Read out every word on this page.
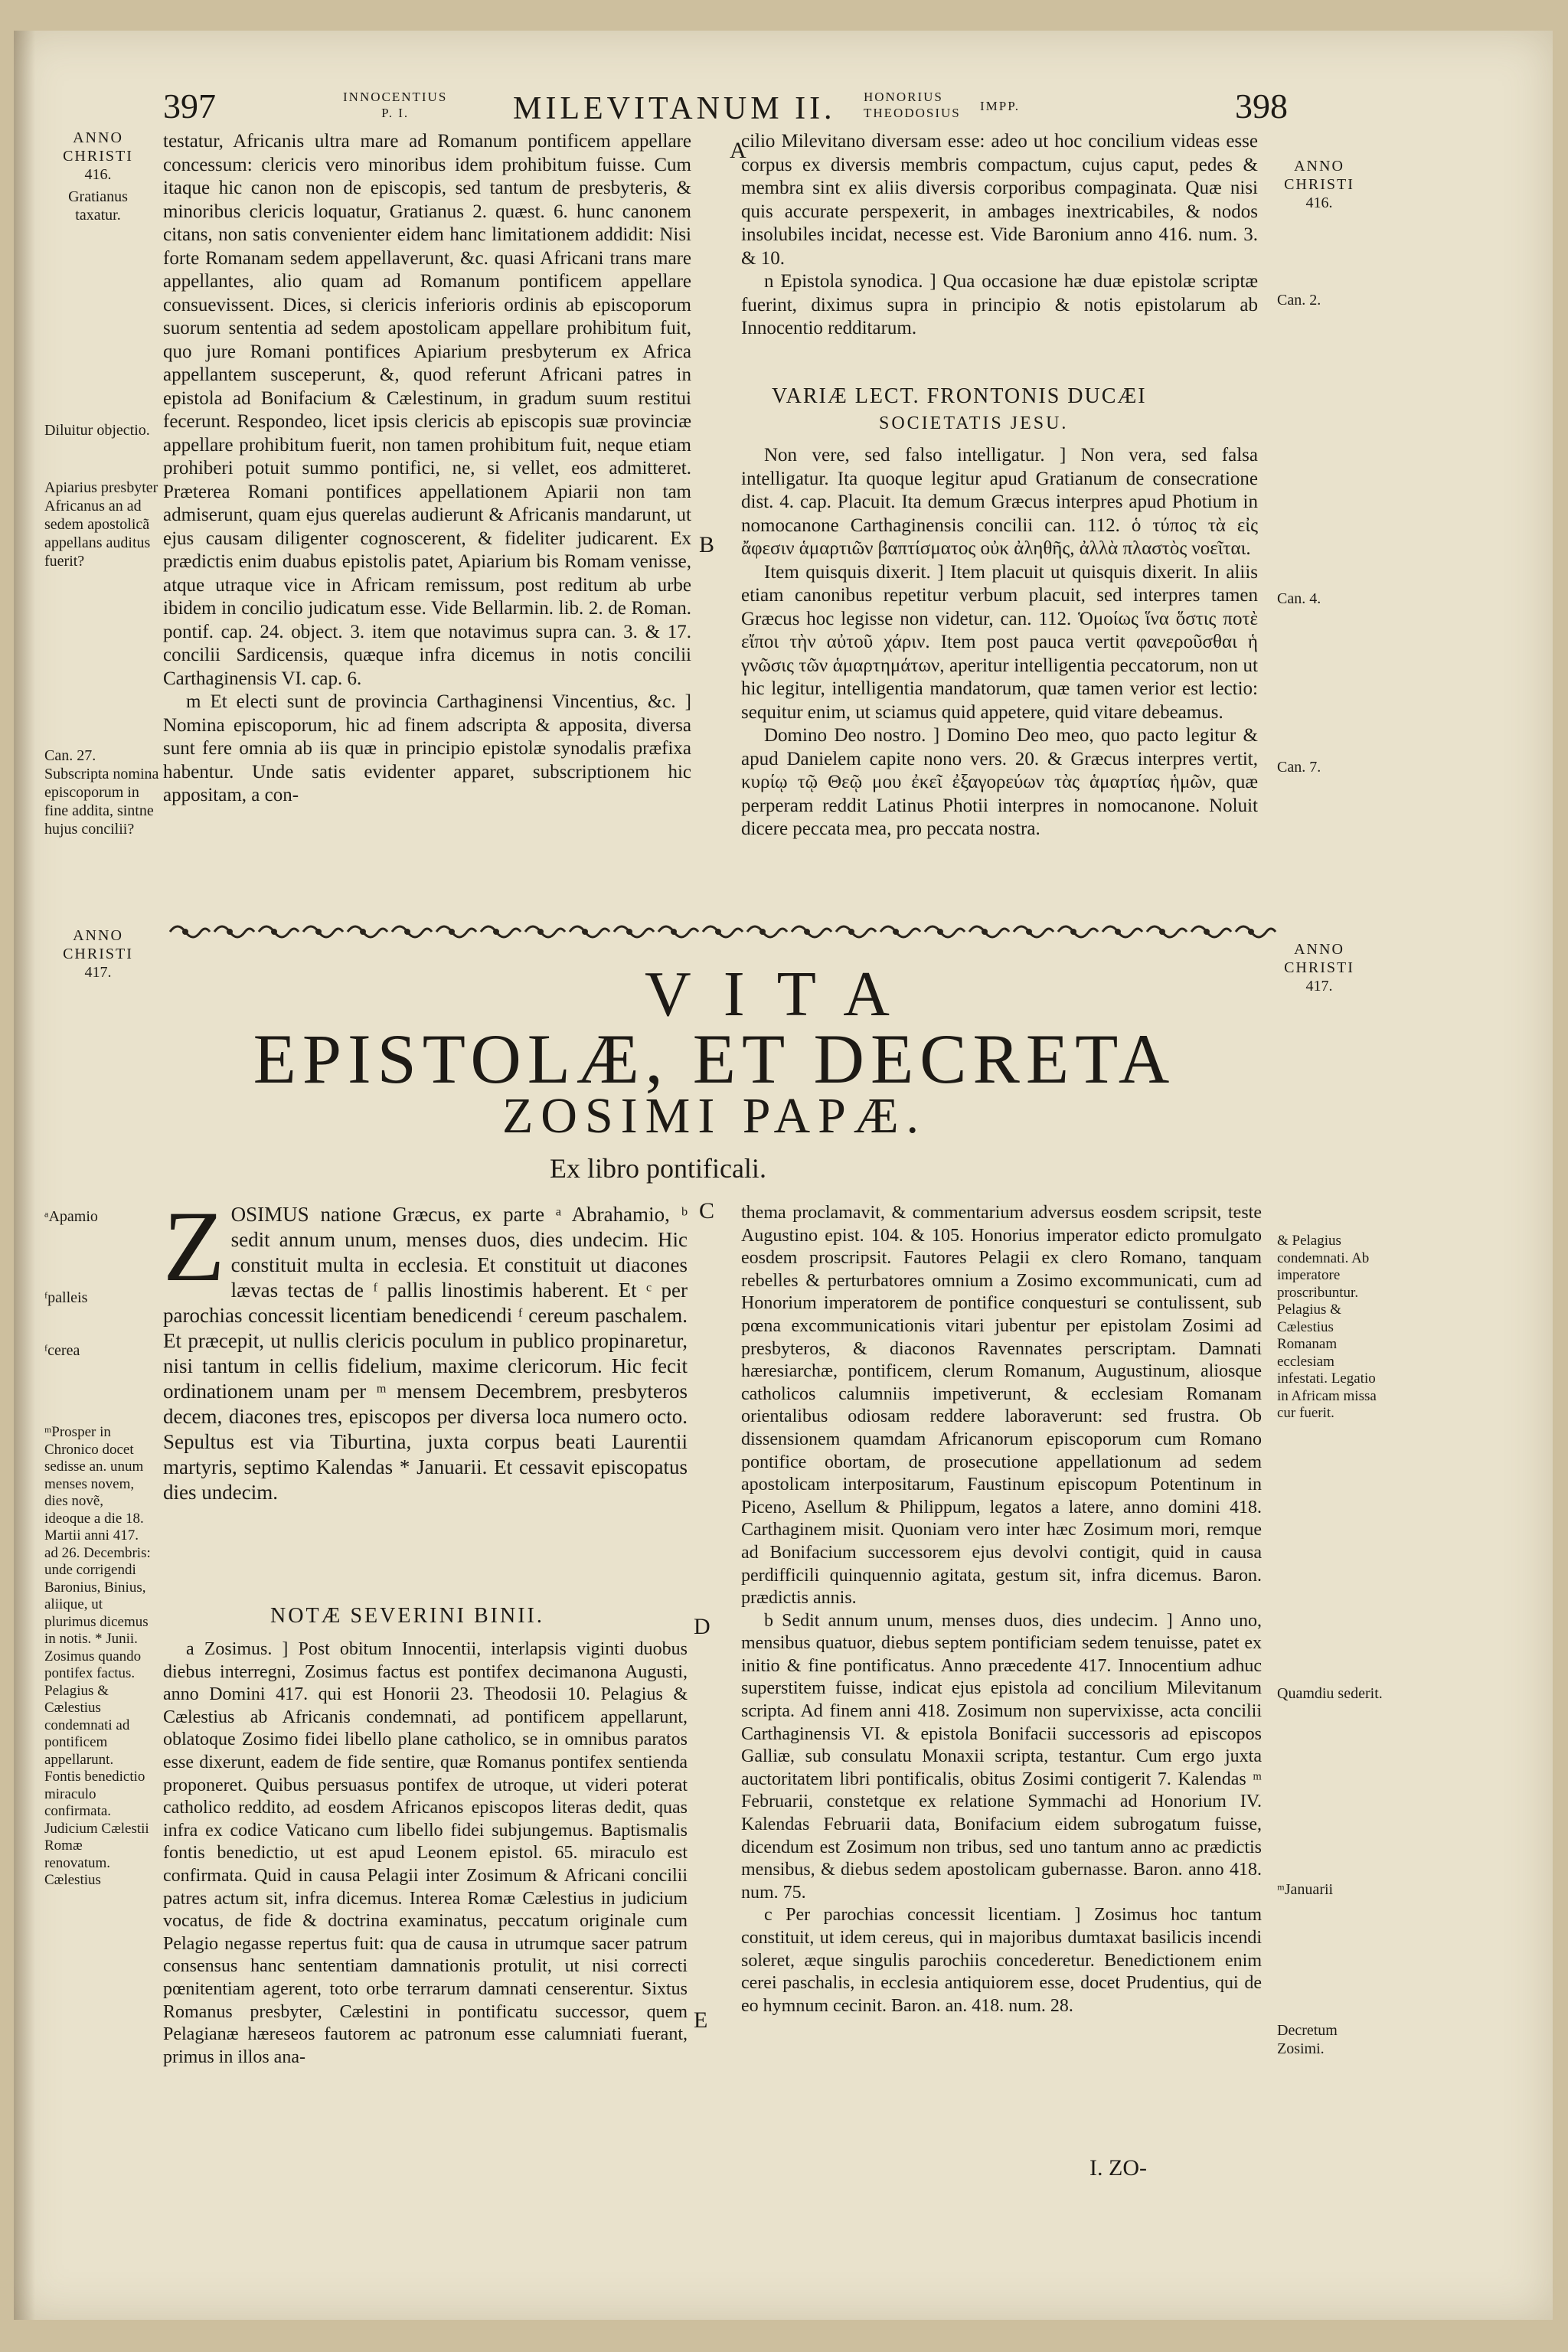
397	INNOCENTIUS
P. I.	MILEVITANUM II. HONORIUS
THEODOSIUS IMPP.	398
ANNO
CHRISTI
416.
Gratianus taxatur.
Diluitur objectio.
Apiarius presbyter Africanus an ad sedem apostolicã appellans auditus fuerit?
Can. 27. Subscripta nomina episcoporum in fine addita, sintne hujus concilii?
ANNO
CHRISTI
416.
Can. 2.
Can. 4.
Can. 7.
A
B
C
D
E

testatur, Africanis ultra mare ad Romanum pontificem appellare concessum: clericis vero minoribus idem prohibitum fuisse. Cum itaque hic canon non de episcopis, sed tantum de presbyteris, & minoribus clericis loquatur, Gratianus 2. quæst. 6. hunc canonem citans, non satis convenienter eidem hanc limitationem addidit: Nisi forte Romanam sedem appellaverunt, &c. quasi Africani trans mare appellantes, alio quam ad Romanum pontificem appellare consuevissent. Dices, si clericis inferioris ordinis ab episcoporum suorum sententia ad sedem apostolicam appellare prohibitum fuit, quo jure Romani pontifices Apiarium presbyterum ex Africa appellantem susceperunt, &, quod referunt Africani patres in epistola ad Bonifacium & Cælestinum, in gradum suum restitui fecerunt. Respondeo, licet ipsis clericis ab episcopis suæ provinciæ appellare prohibitum fuerit, non tamen prohibitum fuit, neque etiam prohiberi potuit summo pontifici, ne, si vellet, eos admitteret. Præterea Romani pontifices appellationem Apiarii non tam admiserunt, quam ejus querelas audierunt & Africanis mandarunt, ut ejus causam diligenter cognoscerent, & fideliter judicarent. Ex prædictis enim duabus epistolis patet, Apiarium bis Romam venisse, atque utraque vice in Africam remissum, post reditum ab urbe ibidem in concilio judicatum esse. Vide Bellarmin. lib. 2. de Roman. pontif. cap. 24. object. 3. item que notavimus supra can. 3. & 17. concilii Sardicensis, quæque infra dicemus in notis concilii Carthaginensis VI. cap. 6.

m Et electi sunt de provincia Carthaginensi Vincentius, &c. ] Nomina episcoporum, hic ad finem adscripta & apposita, diversa sunt fere omnia ab iis quæ in principio epistolæ synodalis præfixa habentur. Unde satis evidenter apparet, subscriptionem hic appositam, a con-

cilio Milevitano diversam esse: adeo ut hoc concilium videas esse corpus ex diversis membris compactum, cujus caput, pedes & membra sint ex aliis diversis corporibus compaginata. Quæ nisi quis accurate perspexerit, in ambages inextricabiles, & nodos insolubiles incidat, necesse est. Vide Baronium anno 416. num. 3. & 10.

n Epistola synodica. ] Qua occasione hæ duæ epistolæ scriptæ fuerint, diximus supra in principio & notis epistolarum ab Innocentio redditarum.

VARIÆ LECT. FRONTONIS DUCÆI
SOCIETATIS JESU.

Non vere, sed falso intelligatur. ] Non vera, sed falsa intelligatur. Ita quoque legitur apud Gratianum de consecratione dist. 4. cap. Placuit. Ita demum Græcus interpres apud Photium in nomocanone Carthaginensis concilii can. 112. ὁ τύπος τὰ εἰς ἄφεσιν ἁμαρτιῶν βαπτίσματος οὐκ ἀληθῆς, ἀλλὰ πλαστὸς νοεῖται.

Item quisquis dixerit. ] Item placuit ut quisquis dixerit. In aliis etiam canonibus repetitur verbum placuit, sed interpres tamen Græcus hoc legisse non videtur, can. 112. Ὁμοίως ἵνα ὅστις ποτὲ εἴποι τὴν αὐτοῦ χάριν. Item post pauca vertit φανεροῦσθαι ἡ γνῶσις τῶν ἁμαρτημάτων, aperitur intelligentia peccatorum, non ut hic legitur, intelligentia mandatorum, quæ tamen verior est lectio: sequitur enim, ut sciamus quid appetere, quid vitare debeamus.

Domino Deo nostro. ] Domino Deo meo, quo pacto legitur & apud Danielem capite nono vers. 20. & Græcus interpres vertit, κυρίῳ τῷ Θεῷ μου ἐκεῖ ἐξαγορεύων τὰς ἁμαρτίας ἡμῶν, quæ perperam reddit Latinus Photii interpres in nomocanone. Noluit dicere peccata mea, pro peccata nostra.

ANNO
CHRISTI
417.
ANNO
CHRISTI
417.
VITA
EPISTOLÆ, ET DECRETA
ZOSIMI PAPÆ.
Ex libro pontificali.
ᵃApamio
ᶠpalleis
ᶠcerea
ᵐProsper in Chronico docet sedisse an. unum menses novem, dies novẽ, ideoque a die 18. Martii anni 417. ad 26. Decembris: unde corrigendi Baronius, Binius, aliique, ut plurimus dicemus in notis. * Junii. Zosimus quando pontifex factus. Pelagius & Cælestius condemnati ad pontificem appellarunt. Fontis benedictio miraculo confirmata. Judicium Cælestii Romæ renovatum. Cælestius
Z OSIMUS natione Græcus, ex parte ᵃ Abrahamio, ᵇ sedit annum unum, menses duos, dies undecim. Hic constituit multa in ecclesia. Et constituit ut diacones lævas tectas de ᶠ pallis linostimis haberent. Et ᶜ per parochias concessit licentiam benedicendi ᶠ cereum paschalem. Et præcepit, ut nullis clericis poculum in publico propinaretur, nisi tantum in cellis fidelium, maxime clericorum. Hic fecit ordinationem unam per ᵐ mensem Decembrem, presbyteros decem, diacones tres, episcopos per diversa loca numero octo. Sepultus est via Tiburtina, juxta corpus beati Laurentii martyris, septimo Kalendas * Januarii. Et cessavit episcopatus dies undecim.

NOTÆ SEVERINI BINII.

a Zosimus. ] Post obitum Innocentii, interlapsis viginti duobus diebus interregni, Zosimus factus est pontifex decimanona Augusti, anno Domini 417. qui est Honorii 23. Theodosii 10. Pelagius & Cælestius ab Africanis condemnati, ad pontificem appellarunt, oblatoque Zosimo fidei libello plane catholico, se in omnibus paratos esse dixerunt, eadem de fide sentire, quæ Romanus pontifex sentienda proponeret. Quibus persuasus pontifex de utroque, ut videri poterat catholico reddito, ad eosdem Africanos episcopos literas dedit, quas infra ex codice Vaticano cum libello fidei subjungemus. Baptismalis fontis benedictio, ut est apud Leonem epistol. 65. miraculo est confirmata. Quid in causa Pelagii inter Zosimum & Africani concilii patres actum sit, infra dicemus. Interea Romæ Cælestius in judicium vocatus, de fide & doctrina examinatus, peccatum originale cum Pelagio negasse repertus fuit: qua de causa in utrumque sacer patrum consensus hanc sententiam damnationis protulit, ut nisi correcti pœnitentiam agerent, toto orbe terrarum damnati censerentur. Sixtus Romanus presbyter, Cælestini in pontificatu successor, quem Pelagianæ hæreseos fautorem ac patronum esse calumniati fuerant, primus in illos ana-

thema proclamavit, & commentarium adversus eosdem scripsit, teste Augustino epist. 104. & 105. Honorius imperator edicto promulgato eosdem proscripsit. Fautores Pelagii ex clero Romano, tanquam rebelles & perturbatores omnium a Zosimo excommunicati, cum ad Honorium imperatorem de pontifice conquesturi se contulissent, sub pœna excommunicationis vitari jubentur per epistolam Zosimi ad presbyteros, & diaconos Ravennates perscriptam. Damnati hæresiarchæ, pontificem, clerum Romanum, Augustinum, aliosque catholicos calumniis impetiverunt, & ecclesiam Romanam orientalibus odiosam reddere laboraverunt: sed frustra. Ob dissensionem quamdam Africanorum episcoporum cum Romano pontifice obortam, de prosecutione appellationum ad sedem apostolicam interpositarum, Faustinum episcopum Potentinum in Piceno, Asellum & Philippum, legatos a latere, anno domini 418. Carthaginem misit. Quoniam vero inter hæc Zosimum mori, remque ad Bonifacium successorem ejus devolvi contigit, quid in causa perdifficili quinquennio agitata, gestum sit, infra dicemus. Baron. prædictis annis.

b Sedit annum unum, menses duos, dies undecim. ] Anno uno, mensibus quatuor, diebus septem pontificiam sedem tenuisse, patet ex initio & fine pontificatus. Anno præcedente 417. Innocentium adhuc superstitem fuisse, indicat ejus epistola ad concilium Milevitanum scripta. Ad finem anni 418. Zosimum non supervixisse, acta concilii Carthaginensis VI. & epistola Bonifacii successoris ad episcopos Galliæ, sub consulatu Monaxii scripta, testantur. Cum ergo juxta auctoritatem libri pontificalis, obitus Zosimi contigerit 7. Kalendas ᵐ Februarii, constetque ex relatione Symmachi ad Honorium IV. Kalendas Februarii data, Bonifacium eidem subrogatum fuisse, dicendum est Zosimum non tribus, sed uno tantum anno ac prædictis mensibus, & diebus sedem apostolicam gubernasse. Baron. anno 418. num. 75.

c Per parochias concessit licentiam. ] Zosimus hoc tantum constituit, ut idem cereus, qui in majoribus dumtaxat basilicis incendi soleret, æque singulis parochiis concederetur. Benedictionem enim cerei paschalis, in ecclesia antiquiorem esse, docet Prudentius, qui de eo hymnum cecinit. Baron. an. 418. num. 28.

& Pelagius condemnati. Ab imperatore proscribuntur. Pelagius & Cælestius Romanam ecclesiam infestati. Legatio in Africam missa cur fuerit.
Quamdiu sederit.
ᵐJanuarii
Decretum Zosimi.
I. ZO-
